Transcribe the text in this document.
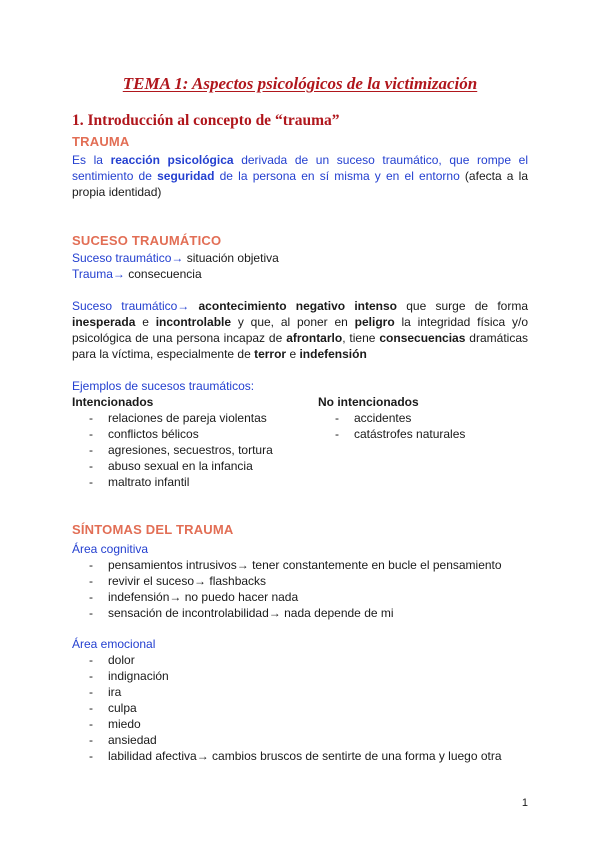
TEMA 1: Aspectos psicológicos de la victimización
1. Introducción al concepto de “trauma”
TRAUMA
Es la reacción psicológica derivada de un suceso traumático, que rompe el sentimiento de seguridad de la persona en sí misma y en el entorno (afecta a la propia identidad)
SUCESO TRAUMÁTICO
Suceso traumático→ situación objetiva
Trauma→ consecuencia
Suceso traumático→ acontecimiento negativo intenso que surge de forma inesperada e incontrolable y que, al poner en peligro la integridad física y/o psicológica de una persona incapaz de afrontarlo, tiene consecuencias dramáticas para la víctima, especialmente de terror e indefensión
Ejemplos de sucesos traumáticos:
Intencionados
- relaciones de pareja violentas
- conflictos bélicos
- agresiones, secuestros, tortura
- abuso sexual en la infancia
- maltrato infantil
No intencionados
- accidentes
- catástrofes naturales
SÍNTOMAS DEL TRAUMA
Área cognitiva
- pensamientos intrusivos→ tener constantemente en bucle el pensamiento
- revivir el suceso→ flashbacks
- indefensión→ no puedo hacer nada
- sensación de incontrolabilidad→ nada depende de mi
Área emocional
- dolor
- indignación
- ira
- culpa
- miedo
- ansiedad
- labilidad afectiva→ cambios bruscos de sentirte de una forma y luego otra
1
